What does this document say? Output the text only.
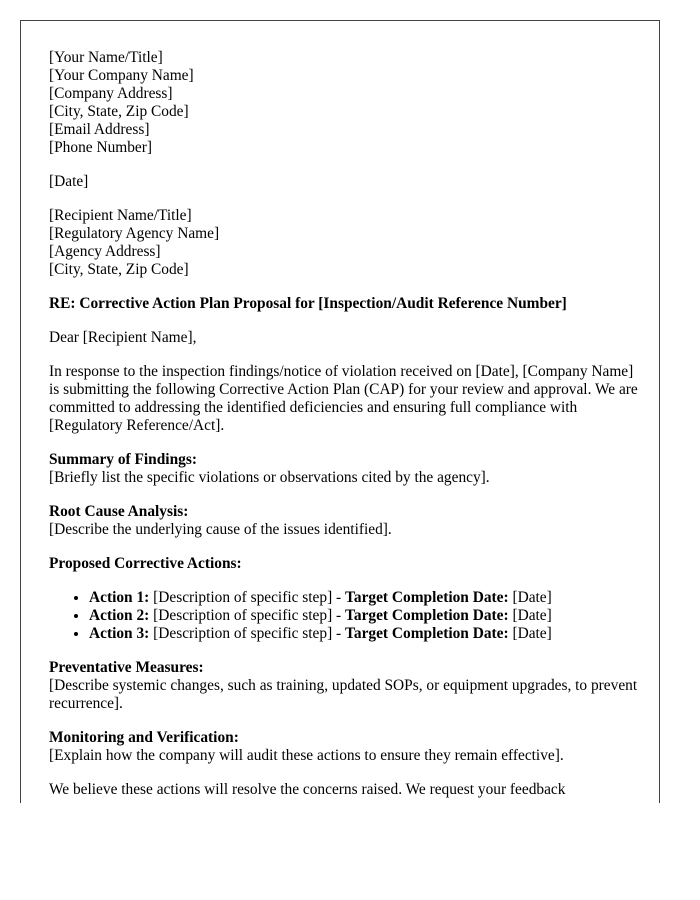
[Your Name/Title]
[Your Company Name]
[Company Address]
[City, State, Zip Code]
[Email Address]
[Phone Number]
[Date]
[Recipient Name/Title]
[Regulatory Agency Name]
[Agency Address]
[City, State, Zip Code]
RE: Corrective Action Plan Proposal for [Inspection/Audit Reference Number]
Dear [Recipient Name],
In response to the inspection findings/notice of violation received on [Date], [Company Name] is submitting the following Corrective Action Plan (CAP) for your review and approval. We are committed to addressing the identified deficiencies and ensuring full compliance with [Regulatory Reference/Act].
Summary of Findings:
[Briefly list the specific violations or observations cited by the agency].
Root Cause Analysis:
[Describe the underlying cause of the issues identified].
Proposed Corrective Actions:
• Action 1: [Description of specific step] - Target Completion Date: [Date]
• Action 2: [Description of specific step] - Target Completion Date: [Date]
• Action 3: [Description of specific step] - Target Completion Date: [Date]
Preventative Measures:
[Describe systemic changes, such as training, updated SOPs, or equipment upgrades, to prevent recurrence].
Monitoring and Verification:
[Explain how the company will audit these actions to ensure they remain effective].
We believe these actions will resolve the concerns raised. We request your feedback
